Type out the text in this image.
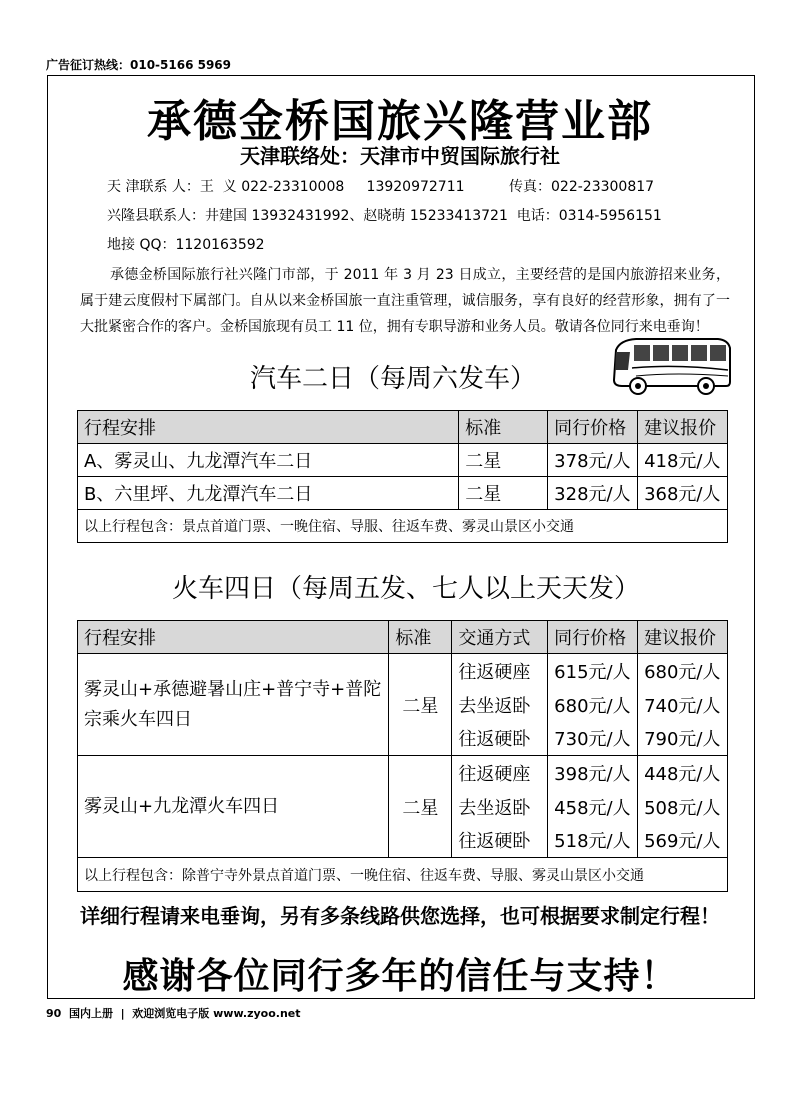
广告征订热线：010-5166 5969
承德金桥国旅兴隆营业部
天津联络处：天津市中贸国际旅行社
天 津联系 人：王  义 022-23310008     13920972711          传真：022-23300817
兴隆县联系人：井建国 13932431992、赵晓萌 15233413721  电话：0314-5956151
地接 QQ：1120163592
承德金桥国际旅行社兴隆门市部，于 2011 年 3 月 23 日成立，主要经营的是国内旅游招来业务，属于建云度假村下属部门。自从以来金桥国旅一直注重管理，诚信服务，享有良好的经营形象，拥有了一大批紧密合作的客户。金桥国旅现有员工 11 位，拥有专职导游和业务人员。敬请各位同行来电垂询！
汽车二日（每周六发车）
行程安排	标准	同行价格	建议报价
A、雾灵山、九龙潭汽车二日	二星	378元/人	418元/人
B、六里坪、九龙潭汽车二日	二星	328元/人	368元/人
以上行程包含：景点首道门票、一晚住宿、导服、往返车费、雾灵山景区小交通			
火车四日（每周五发、七人以上天天发）
行程安排	标准	交通方式	同行价格	建议报价
雾灵山+承德避暑山庄+普宁寺+普陀宗乘火车四日	二星	往返硬座	615元/人	680元/人
		去坐返卧	680元/人	740元/人
		往返硬卧	730元/人	790元/人
雾灵山+九龙潭火车四日	二星	往返硬座	398元/人	448元/人
		去坐返卧	458元/人	508元/人
		往返硬卧	518元/人	569元/人
以上行程包含：除普宁寺外景点首道门票、一晚住宿、往返车费、导服、雾灵山景区小交通				
详细行程请来电垂询，另有多条线路供您选择，也可根据要求制定行程！
感谢各位同行多年的信任与支持！
90  国内上册  |  欢迎浏览电子版 www.zyoo.net
